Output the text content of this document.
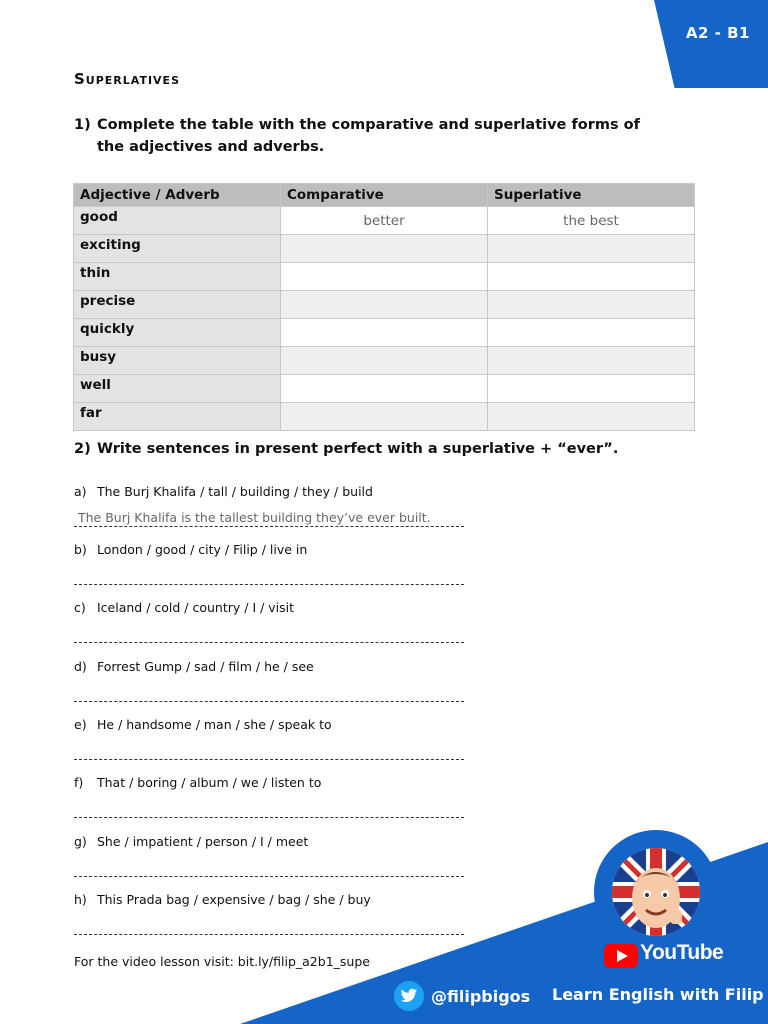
A2 - B1
Superlatives
1) Complete the table with the comparative and superlative forms of the adjectives and adverbs.
Adjective / Adverb	Comparative	Superlative
good	better	the best
exciting		
thin		
precise		
quickly		
busy		
well		
far		
2) Write sentences in present perfect with a superlative + “ever”.
a) The Burj Khalifa / tall / building / they / build
The Burj Khalifa is the tallest building they’ve ever built.
b) London / good / city / Filip / live in
c) Iceland / cold / country / I / visit
d) Forrest Gump / sad / film / he / see
e) He / handsome / man / she / speak to
f) That / boring / album / we / listen to
g) She / impatient / person / I / meet
h) This Prada bag / expensive / bag / she / buy
For the video lesson visit: bit.ly/filip_a2b1_supe	YouTube
@filipbigos Learn English with Filip
